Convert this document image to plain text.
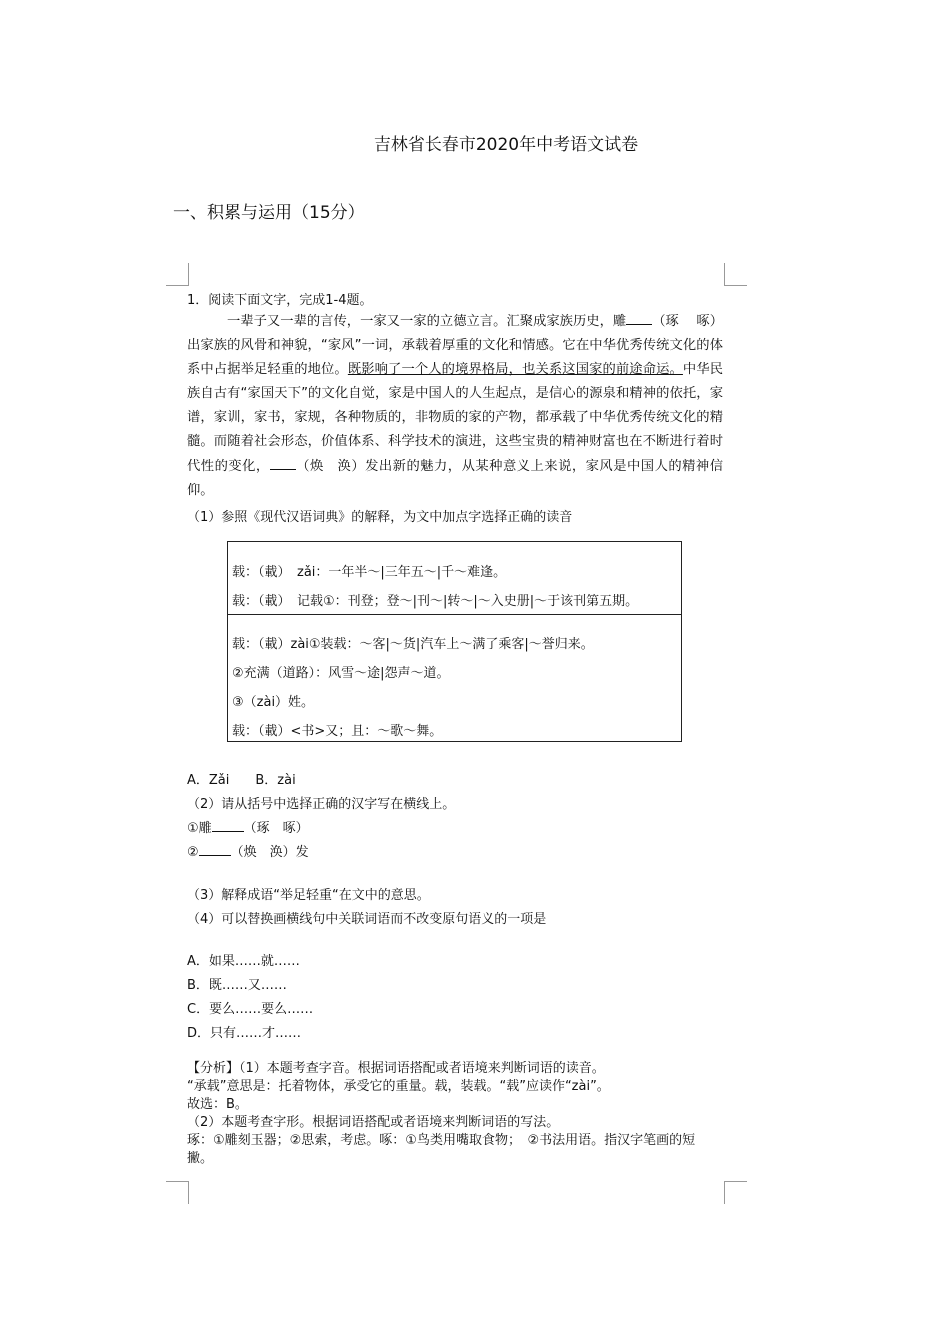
吉林省长春市2020年中考语文试卷
一、积累与运用（15分）
1．阅读下面文字，完成1-4题。
一辈子又一辈的言传，一家又一家的立德立言。汇聚成家族历史，雕 （琢　 啄）出家族的风骨和神貌，“家风”一词，承载着厚重的文化和情感。它在中华优秀传统文化的体系中占据举足轻重的地位。既影响了一个人的境界格局，也关系这国家的前途命运。中华民族自古有“家国天下”的文化自觉，家是中国人的人生起点，是信心的源泉和精神的依托，家谱，家训，家书，家规，各种物质的，非物质的家的产物，都承载了中华优秀传统文化的精髓。而随着社会形态，价值体系、科学技术的演进，这些宝贵的精神财富也在不断进行着时代性的变化， （焕　涣）发出新的魅力，从某种意义上来说，家风是中国人的精神信仰。
（1）参照《现代汉语词典》的解释，为文中加点字选择正确的读音
载：（載）　zǎi：一年半～|三年五～|千～难逢。
载：（載）　记载①：刊登；登～|刊～|转～|～入史册|～于该刊第五期。
载：（載）zài①装载：～客|～货|汽车上～满了乘客|～誉归来。
②充满（道路）：风雪～途|怨声～道。
③（zài）姓。
载：（載）<书>又；且：～歌～舞。
A．Zǎi　　B．zài
（2）请从括号中选择正确的汉字写在横线上。
①雕 （琢　啄）
② （焕　涣）发
（3）解释成语“举足轻重“在文中的意思。
（4）可以替换画横线句中关联词语而不改变原句语义的一项是
A．如果……就……
B．既……又……
C．要么……要么……
D．只有……才……
【分析】（1）本题考查字音。根据词语搭配或者语境来判断词语的读音。
“承载”意思是：托着物体，承受它的重量。载，装载。“载”应读作“zài”。
故选：B。
（2）本题考查字形。根据词语搭配或者语境来判断词语的写法。
琢：①雕刻玉器；②思索，考虑。啄：①鸟类用嘴取食物；　②书法用语。指汉字笔画的短
撇。
